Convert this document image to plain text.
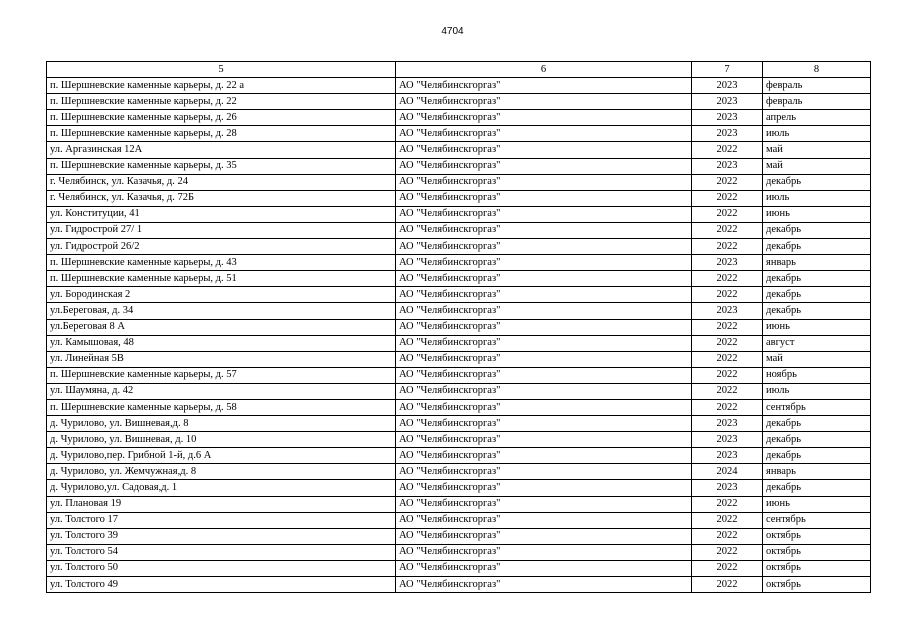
4704
5	6	7	8
п. Шершневские каменные карьеры, д. 22 а	АО "Челябинскгоргаз"	2023	февраль
п. Шершневские каменные карьеры, д. 22	АО "Челябинскгоргаз"	2023	февраль
п. Шершневские каменные карьеры, д. 26	АО "Челябинскгоргаз"	2023	апрель
п. Шершневские каменные карьеры, д. 28	АО "Челябинскгоргаз"	2023	июль
ул. Аргазинская 12А	АО "Челябинскгоргаз"	2022	май
п. Шершневские каменные карьеры, д. 35	АО "Челябинскгоргаз"	2023	май
г. Челябинск, ул. Казачья, д. 24	АО "Челябинскгоргаз"	2022	декабрь
г. Челябинск, ул. Казачья, д. 72Б	АО "Челябинскгоргаз"	2022	июль
ул. Конституции, 41	АО "Челябинскгоргаз"	2022	июнь
ул. Гидрострой 27/ 1	АО "Челябинскгоргаз"	2022	декабрь
ул. Гидрострой 26/2	АО "Челябинскгоргаз"	2022	декабрь
п. Шершневские каменные карьеры, д. 43	АО "Челябинскгоргаз"	2023	январь
п. Шершневские каменные карьеры, д. 51	АО "Челябинскгоргаз"	2022	декабрь
ул. Бородинская 2	АО "Челябинскгоргаз"	2022	декабрь
ул.Береговая, д. 34	АО "Челябинскгоргаз"	2023	декабрь
ул.Береговая 8 А	АО "Челябинскгоргаз"	2022	июнь
ул. Камышовая, 48	АО "Челябинскгоргаз"	2022	август
ул. Линейная 5В	АО "Челябинскгоргаз"	2022	май
п. Шершневские каменные карьеры, д. 57	АО "Челябинскгоргаз"	2022	ноябрь
ул. Шаумяна, д. 42	АО "Челябинскгоргаз"	2022	июль
п. Шершневские каменные карьеры, д. 58	АО "Челябинскгоргаз"	2022	сентябрь
д. Чурилово, ул. Вишневая,д. 8	АО "Челябинскгоргаз"	2023	декабрь
д. Чурилово, ул. Вишневая, д. 10	АО "Челябинскгоргаз"	2023	декабрь
д. Чурилово,пер. Грибной 1-й, д.6 А	АО "Челябинскгоргаз"	2023	декабрь
д. Чурилово, ул. Жемчужная,д. 8	АО "Челябинскгоргаз"	2024	январь
д. Чурилово,ул. Садовая,д. 1	АО "Челябинскгоргаз"	2023	декабрь
ул. Плановая 19	АО "Челябинскгоргаз"	2022	июнь
ул. Толстого 17	АО "Челябинскгоргаз"	2022	сентябрь
ул. Толстого 39	АО "Челябинскгоргаз"	2022	октябрь
ул. Толстого 54	АО "Челябинскгоргаз"	2022	октябрь
ул. Толстого 50	АО "Челябинскгоргаз"	2022	октябрь
ул. Толстого 49	АО "Челябинскгоргаз"	2022	октябрь
